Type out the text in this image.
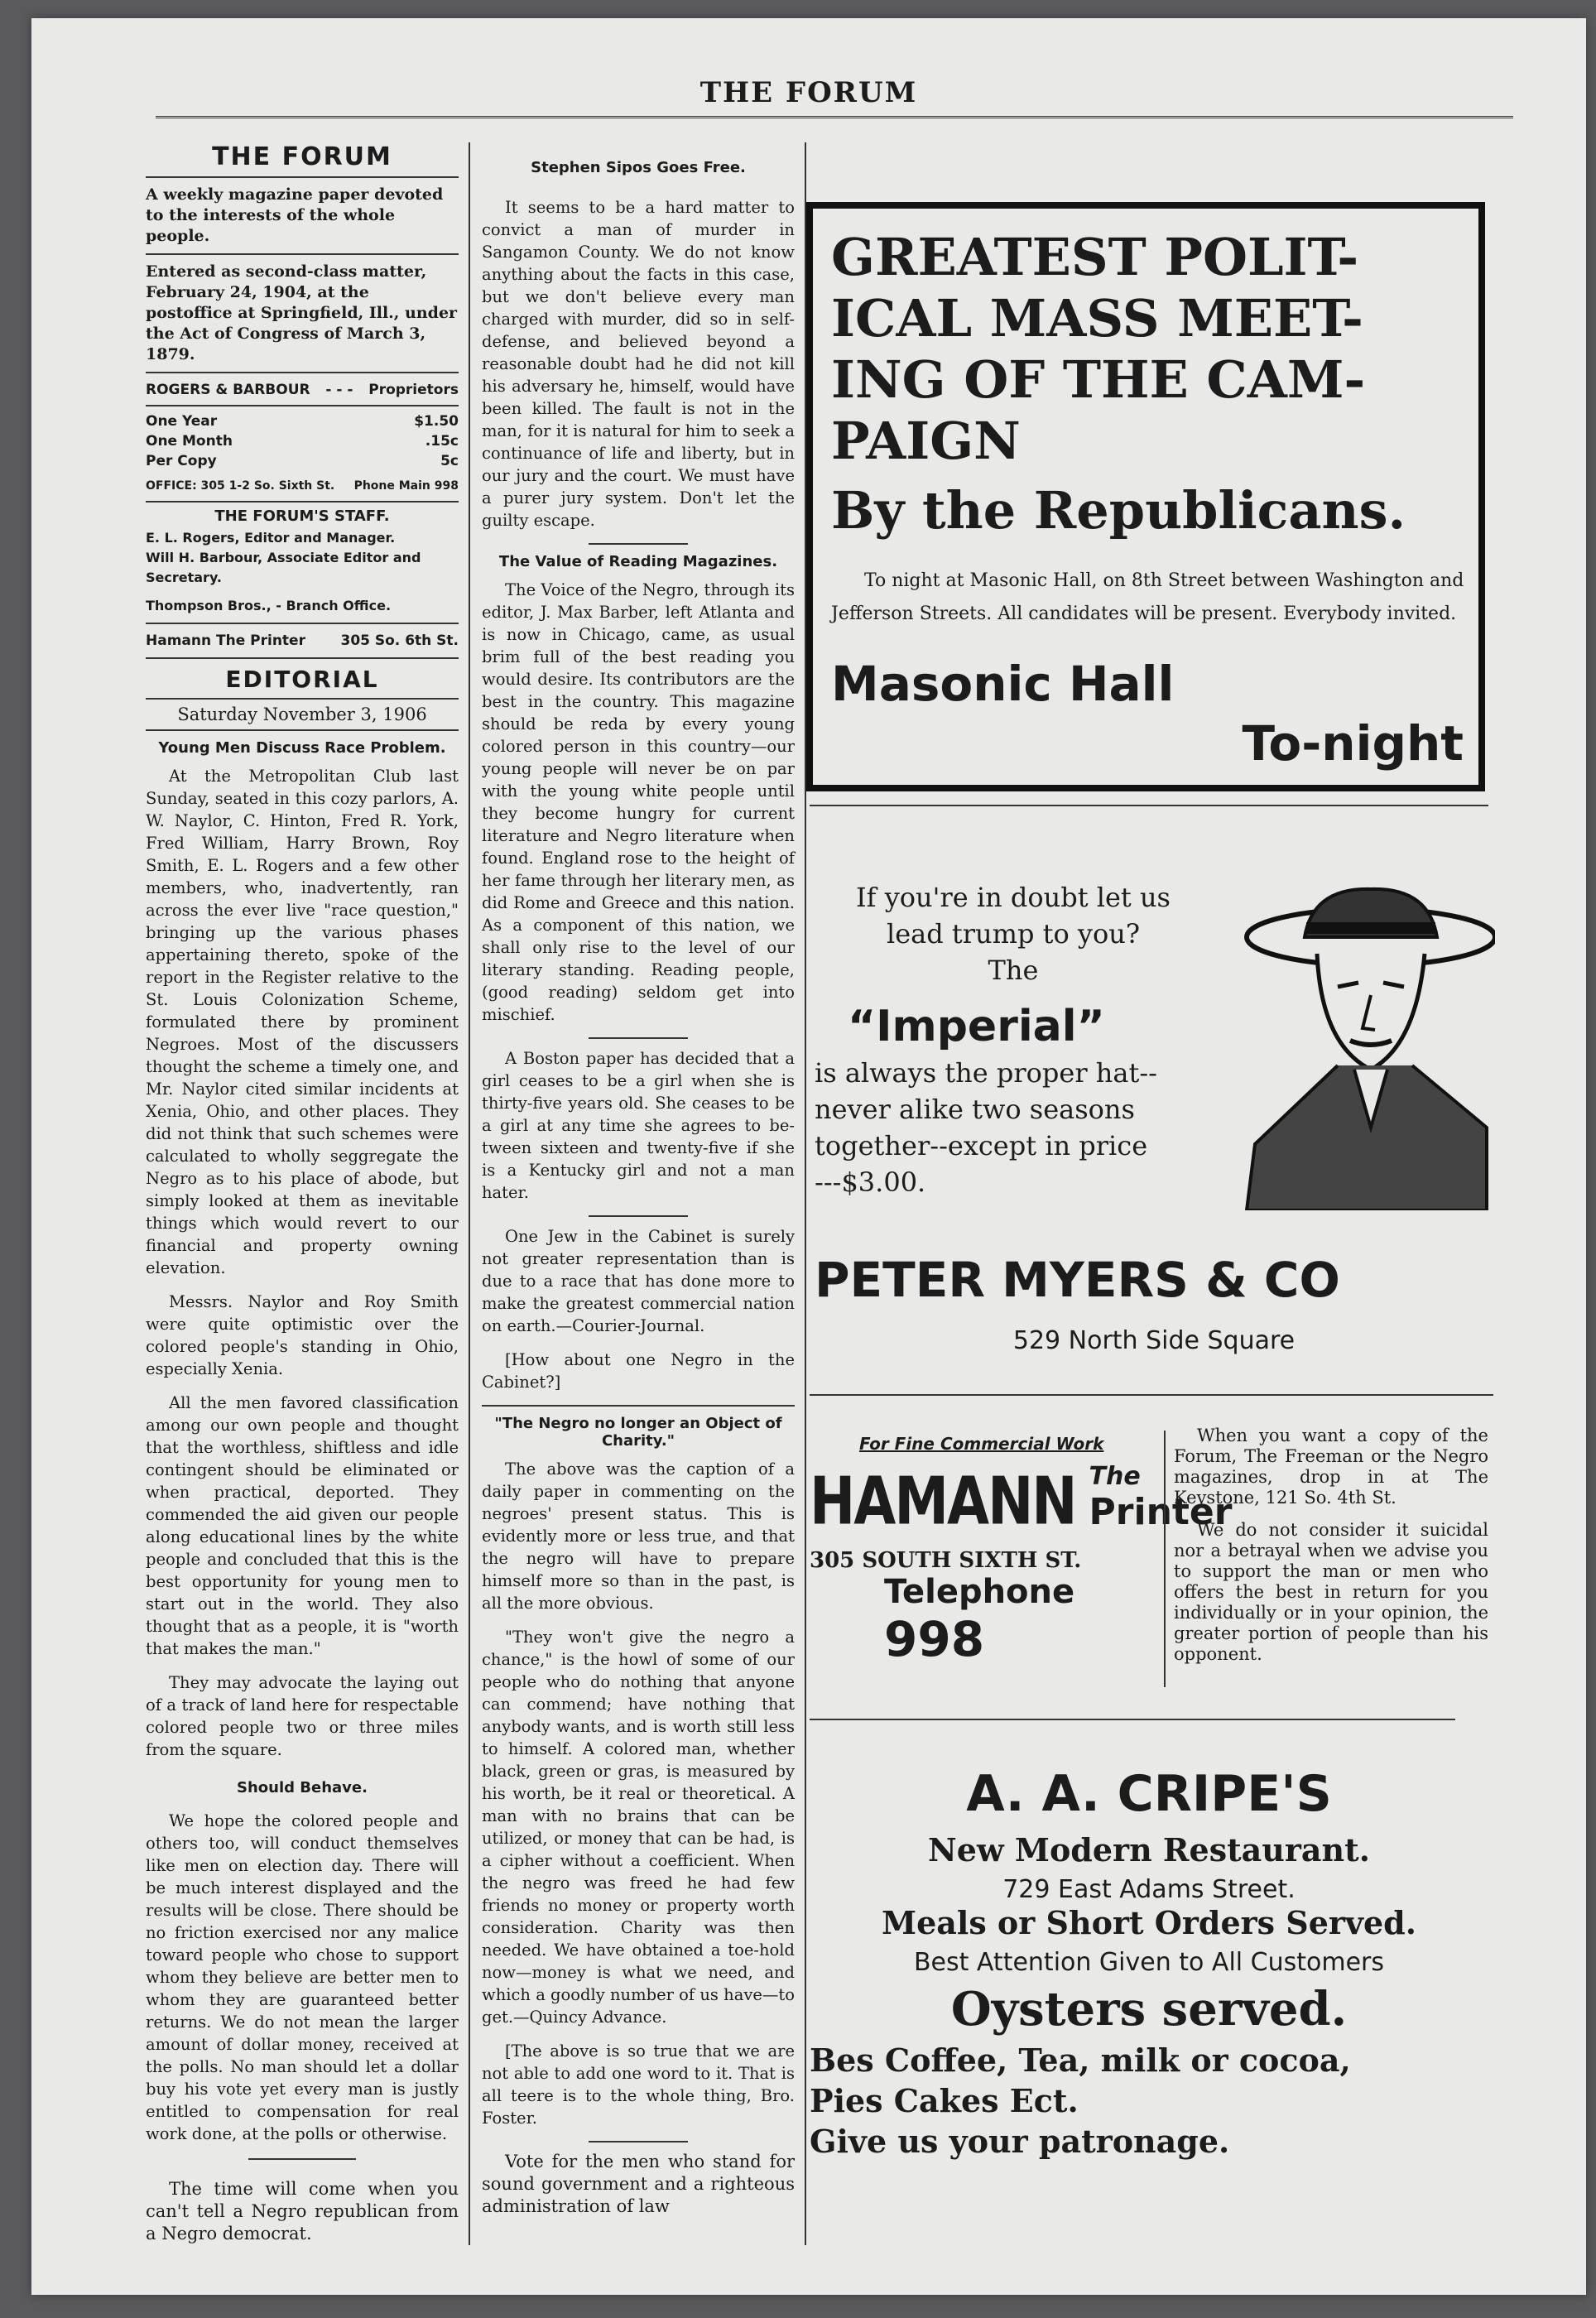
THE FORUM
THE FORUM
A weekly magazine paper devoted to the interests of the whole people.
Entered as second-class matter, February 24, 1904, at the postoffice at Springfield, Ill., under the Act of Congress of March 3, 1879.
ROGERS & BARBOUR - - - Proprietors
One Year	$1.50
One Month	.15c
Per Copy	5c
OFFICE: 305 1-2 So. Sixth St. Phone Main 998
THE FORUM'S STAFF.
E. L. Rogers, Editor and Manager.
Will H. Barbour, Associate Editor and Secretary.
Thompson Bros., - Branch Office.
Hamann The Printer	305 So. 6th St.
EDITORIAL
Saturday November 3, 1906
Young Men Discuss Race Problem.

At the Metropolitan Club last Sunday, seated in this cozy parlors, A. W. Naylor, C. Hinton, Fred R. York, Fred William, Harry Brown, Roy Smith, E. L. Rogers and a few other members, who, inadvertently, ran across the ever live "race question," bringing up the various phases appertaining thereto, spoke of the report in the Register relative to the St. Louis Colonization Scheme, formulated there by prominent Negroes. Most of the discussers thought the scheme a timely one, and Mr. Naylor cited similar incidents at Xenia, Ohio, and other places. They did not think that such schemes were calculated to wholly seggregate the Negro as to his place of abode, but simply looked at them as inevitable things which would revert to our financial and property owning elevation.

Messrs. Naylor and Roy Smith were quite optimistic over the colored people's standing in Ohio, especially Xenia.

All the men favored classification among our own people and thought that the worthless, shiftless and idle contingent should be eliminated or when practical, deported. They commended the aid given our people along educational lines by the white people and concluded that this is the best opportunity for young men to start out in the world. They also thought that as a people, it is "worth that makes the man."

They may advocate the laying out of a track of land here for respectable colored people two or three miles from the square.

Should Behave.

We hope the colored people and others too, will conduct themselves like men on election day. There will be much interest displayed and the results will be close. There should be no friction exercised nor any malice toward people who chose to support whom they believe are better men to whom they are guaranteed better returns. We do not mean the larger amount of dollar money, received at the polls. No man should let a dollar buy his vote yet every man is justly entitled to compensation for real work done, at the polls or otherwise.

The time will come when you can't tell a Negro republican from a Negro democrat.

Stephen Sipos Goes Free.

It seems to be a hard matter to convict a man of murder in Sangamon County. We do not know anything about the facts in this case, but we don't believe every man charged with murder, did so in self-defense, and believed beyond a reasonable doubt had he did not kill his adversary he, himself, would have been killed. The fault is not in the man, for it is natural for him to seek a continuance of life and liberty, but in our jury and the court. We must have a purer jury system. Don't let the guilty escape.

The Value of Reading Magazines.

The Voice of the Negro, through its editor, J. Max Barber, left Atlanta and is now in Chicago, came, as usual brim full of the best reading you would desire. Its contributors are the best in the country. This magazine should be reda by every young colored person in this country—our young people will never be on par with the young white people until they become hungry for current literature and Negro literature when found. England rose to the height of her fame through her literary men, as did Rome and Greece and this nation. As a component of this nation, we shall only rise to the level of our literary standing. Reading people, (good reading) seldom get into mischief.

A Boston paper has decided that a girl ceases to be a girl when she is thirty-five years old. She ceases to be a girl at any time she agrees to be-tween sixteen and twenty-five if she is a Kentucky girl and not a man hater.

One Jew in the Cabinet is surely not greater representation than is due to a race that has done more to make the greatest commercial nation on earth.—Courier-Journal.

[How about one Negro in the Cabinet?]

"The Negro no longer an Object of Charity."

The above was the caption of a daily paper in commenting on the negroes' present status. This is evidently more or less true, and that the negro will have to prepare himself more so than in the past, is all the more obvious.

"They won't give the negro a chance," is the howl of some of our people who do nothing that anyone can commend; have nothing that anybody wants, and is worth still less to himself. A colored man, whether black, green or gras, is measured by his worth, be it real or theoretical. A man with no brains that can be utilized, or money that can be had, is a cipher without a coefficient. When the negro was freed he had few friends no money or property worth consideration. Charity was then needed. We have obtained a toe-hold now—money is what we need, and which a goodly number of us have—to get.—Quincy Advance.

[The above is so true that we are not able to add one word to it. That is all teere is to the whole thing, Bro. Foster.

Vote for the men who stand for sound government and a righteous administration of law

GREATEST POLIT-ICAL MASS MEET-ING OF THE CAM-PAIGN
By the Republicans.
To night at Masonic Hall, on 8th Street between Washington and Jefferson Streets. All candidates will be present. Everybody invited.
Masonic Hall
To-night
If you're in doubt let us
lead trump to you?
The
“Imperial”
is always the proper hat--
never alike two seasons
together--except in price
---$3.00.
PETER MYERS & CO
529 North Side Square
For Fine Commercial Work
HAMANN The
Printer
305 SOUTH SIXTH ST.
Telephone 998

When you want a copy of the Forum, The Freeman or the Negro magazines, drop in at The Keystone, 121 So. 4th St.

We do not consider it suicidal nor a betrayal when we advise you to support the man or men who offers the best in return for you individually or in your opinion, the greater portion of people than his opponent.

A. A. CRIPE'S
New Modern Restaurant.
729 East Adams Street.
Meals or Short Orders Served.
Best Attention Given to All Customers
Oysters served.
Bes Coffee, Tea, milk or cocoa,
Pies Cakes Ect.
Give us your patronage.
